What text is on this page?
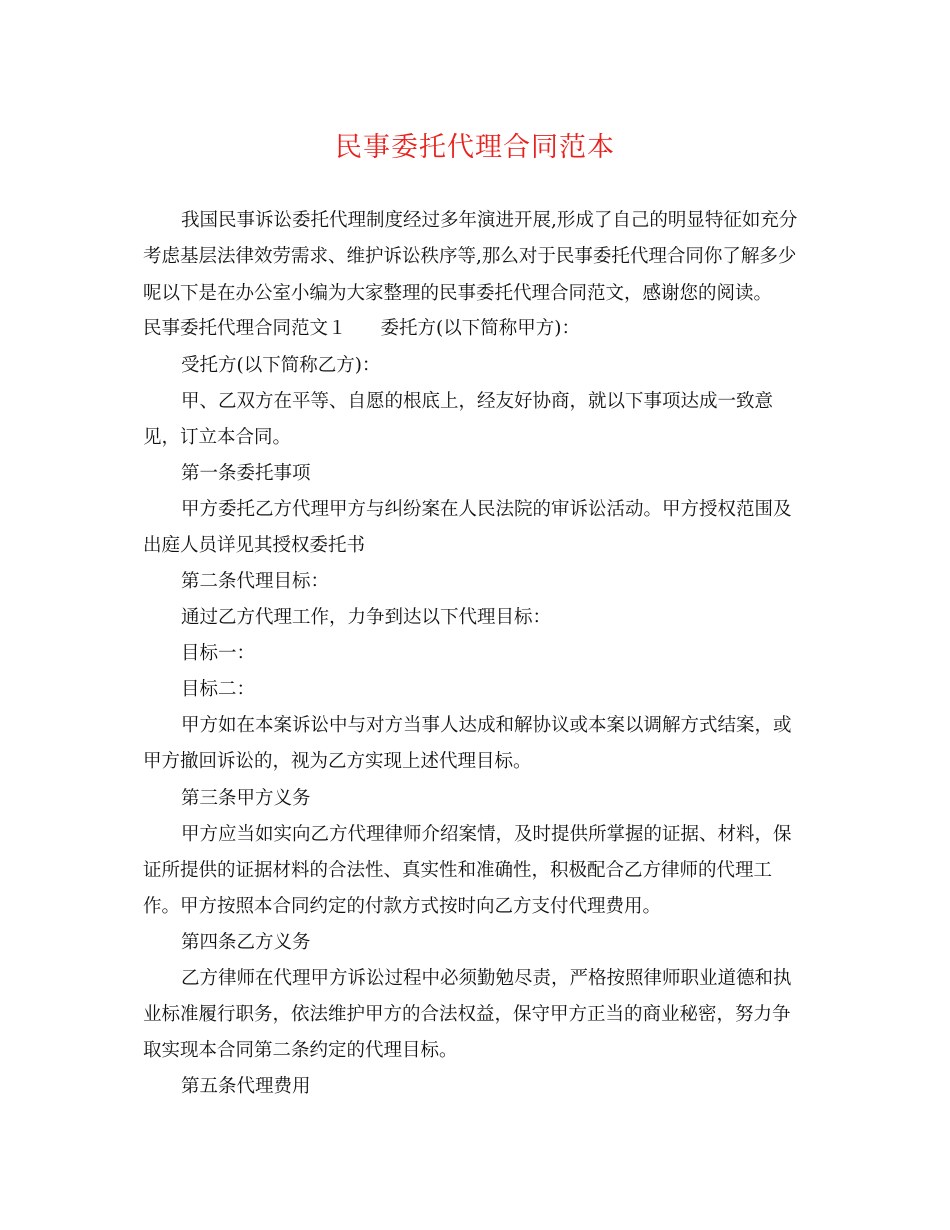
民事委托代理合同范本

我国民事诉讼委托代理制度经过多年演进开展,形成了自己的明显特征如充分

考虑基层法律效劳需求、维护诉讼秩序等,那么对于民事委托代理合同你了解多少

呢以下是在办公室小编为大家整理的民事委托代理合同范文，感谢您的阅读。

民事委托代理合同范文１ 委托方(以下简称甲方)：

受托方(以下简称乙方)：

甲、乙双方在平等、自愿的根底上，经友好协商，就以下事项达成一致意

见，订立本合同。

第一条委托事项

甲方委托乙方代理甲方与纠纷案在人民法院的审诉讼活动。甲方授权范围及

出庭人员详见其授权委托书

第二条代理目标：

通过乙方代理工作，力争到达以下代理目标：

目标一：

目标二：

甲方如在本案诉讼中与对方当事人达成和解协议或本案以调解方式结案，或

甲方撤回诉讼的，视为乙方实现上述代理目标。

第三条甲方义务

甲方应当如实向乙方代理律师介绍案情，及时提供所掌握的证据、材料，保

证所提供的证据材料的合法性、真实性和准确性，积极配合乙方律师的代理工

作。甲方按照本合同约定的付款方式按时向乙方支付代理费用。

第四条乙方义务

乙方律师在代理甲方诉讼过程中必须勤勉尽责，严格按照律师职业道德和执

业标准履行职务，依法维护甲方的合法权益，保守甲方正当的商业秘密，努力争

取实现本合同第二条约定的代理目标。

第五条代理费用
